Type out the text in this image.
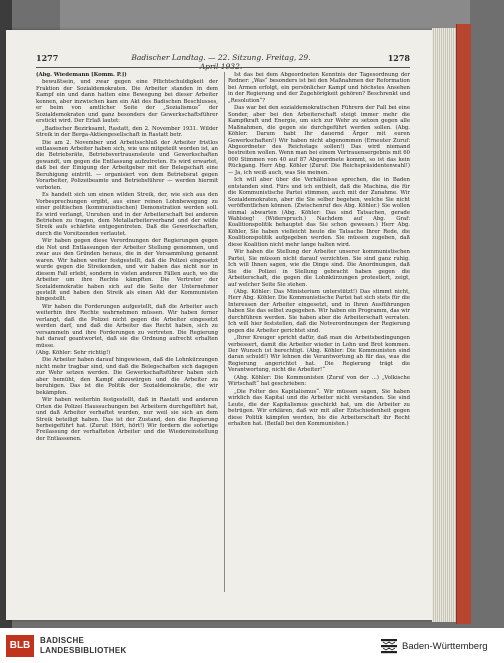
1277	Badischer Landtag. — 22. Sitzung. Freitag, 29.	1278

(Abg. Wiedemann [Komm. P.])

bewußtsein, und zwar gegen eine Pflichtschuldigkeit der Fraktion der Sozialdemokraten. Die Arbeiter standen in dem Kampf ein und dann hatten eine Bewegung bei dieser Arbeiter kennen, aber inzwischen kam ein Akt des Badischen Beschlusses, er beim von amtlicher Seite der „Sozialismus“ der Sozialdemokraten und ganz besonders der Gewerkschaftsführer erstickt wird. Der Erlaß lautet:

„Badischer Bezirksamt, Rastatt, den 2. November 1931. Wilder Streik in der Berga-Aktiengesellschaft in Rastatt betr.

Die am 2. November und Arbeitsschluß der Arbeiter fristlos entlassenen Arbeiter haben sich, wie uns mitgeteilt worden ist, an die Betriebsräte, Betriebsvertrauensleute und Gewerkschaften gewandt, um gegen die Entlassung aufzutreten. Es wird erwartet, daß bei der Einigung der Arbeitgeber mit der Belegschaft eine Beruhigung eintritt. — organisiert von dem Betriebsrat gegen Vorarbeiter, Polizeibeamte und Betriebsführer — werden hiermit verboten.

Es handelt sich um einen wilden Streik, der, wie sich aus den Vorbesprechungen ergibt, aus einer reinen Lohnbewegung zu einer politischen (kommunistischen) Demonstration werden soll. Es wird verlangt, Unruhen und in der Arbeiterschaft bei anderen Betrieben zu tragen, dem Metallarbeiterverband und der wilde Streik aufs schärfste entgegentreten. Daß die Gewerkschaften, durch die Vorsitzenden verlautet.

Wir haben gegen diese Verordnungen der Regierungen gegen die Not und Entlassungen der Arbeiter Stellung genommen, und zwar aus den Gründen heraus, die in der Versammlung genannt waren. Wir haben weiter festgestellt, daß die Polizei eingesetzt wurde gegen die Streikenden, und wir haben das nicht nur in diesem Fall erlebt, sondern in vielen anderen Fällen auch, wo die Arbeiter um ihre Rechte kämpften. Die Vertreter der Sozialdemokratie haben sich auf die Seite der Unternehmer gestellt und haben den Streik als einen Akt der Kommunisten hingestellt.

Wir haben die Forderungen aufgestellt, daß die Arbeiter auch weiterhin ihre Rechte wahrnehmen müssen. Wir haben ferner verlangt, daß die Polizei nicht gegen die Arbeiter eingesetzt werden darf, und daß die Arbeiter das Recht haben, sich zu versammeln und ihre Forderungen zu vertreten. Die Regierung hat darauf geantwortet, daß sie die Ordnung aufrecht erhalten müsse.

(Abg. Köhler: Sehr richtig!)

Die Arbeiter haben darauf hingewiesen, daß die Lohnkürzungen nicht mehr tragbar sind, und daß die Belegschaften sich dagegen zur Wehr setzen werden. Die Gewerkschaftsführer haben sich aber bemüht, den Kampf abzuwürgen und die Arbeiter zu beruhigen. Das ist die Politik der Sozialdemokratie, die wir bekämpfen.

Wir haben weiterhin festgestellt, daß in Rastatt und anderen Orten die Polizei Haussuchungen bei Arbeitern durchgeführt hat, und daß Arbeiter verhaftet wurden, nur weil sie sich an dem Streik beteiligt haben. Das ist der Zustand, den die Regierung herbeigeführt hat. (Zuruf: Hört, hört!) Wir fordern die sofortige Freilassung der verhafteten Arbeiter und die Wiedereinstellung der Entlassenen.

Ist das bei dem Abgeordneten Kenntnis der Tagesordnung der Redner: „Was“ besonders ist bei den Maßnahmen der Reformation bei Armen erfolgt, ein persönlicher Kampf und höchstes Ansehen in der Regierung und der Zugehörigkeit gehören? Beschrenkt und „Resolution“?

Das war bei den sozialdemokratischen Führern der Fall bei eine Sonder, aber bei den Arbeiterschaft steigt immer mehr die Kampfkraft und Energie, um sich zur Wehr zu setzen gegen alle Maßnahmen, die gegen sie durchgeführt werden sollen. (Abg. Köhler: Darum habt Ihr dauernd Ärger mit euren Gewerkschaften!) Wir haben nicht abgenommen (Erneuter Zuruf: Abgeordneter des Reichstags sollen!) Das wird niemand bestreiten wollen. Wenn man bei einem Vertrauensergebnis mit 60 000 Stimmen von 40 auf 87 Abgeordnete kommt, so ist das kein Rückgang. Herr Abg. Köhler (Zuruf: Die Reichspräsidentenwahl!) — Ja, ich weiß auch, was Sie meinen.

Ich will aber über die Verhältnisse sprechen, die in Baden entstanden sind. Fürs und ich enthielt, daß die Machina, die für die Kommunistische Partei stimmen, auch mit der Zunahme. Wir Sozialdemokraten, aber die Sie selber begehen, welche Sie nicht veröffentlichen können. (Zwischenruf des Abg. Köhler.) Sie wollen einmal abwarten (Abg. Köhler: Das sind Tatsachen, gerade Wahlsieg! (Widerspruch.) Nachdem auf Abg. Graf: Koalitionspolitik behauptet das Sie schon gewesen.) Herr Abg. Köhler, Sie haben vielleicht heute die Tatsache Ihrer Rede, die Koalitionspolitik aufgegeben werden. Sie müssen zugeben, daß diese Koalition nicht mehr lange halten wird.

Wir haben die Stellung der Arbeiter unserer kommunistischen Partei, Sie müssen nicht darauf verzichten. Sie sind ganz ruhig. Ich will Ihnen sagen, wie die Dinge sind. Die Anordnungen, daß Sie die Polizei in Stellung gebracht haben gegen die Arbeiterschaft, die gegen die Lohnkürzungen protestiert, zeigt, auf welcher Seite Sie stehen.

(Abg. Köhler: Das Ministerium unterstützt!) Das stimmt nicht, Herr Abg. Köhler. Die Kommunistische Partei hat sich stets für die Interessen der Arbeiter eingesetzt, und in Ihren Ausführungen haben Sie das selbst zugegeben. Wir haben ein Programm, das wir durchführen werden. Sie haben aber die Arbeiterschaft verraten. Ich will hier feststellen, daß die Notverordnungen der Regierung gegen die Arbeiter gerichtet sind.

„Ihrer Kreuger spricht dafür, daß man die Arbeitsbedingungen verbessert, damit die Arbeiter wieder in Lohn und Brot kommen. Der Wunsch ist berechtigt. (Abg. Köhler: Die Kommunisten sind daran schuld!) Wir lehnen die Verantwortung ab für das, was die Regierung angerichtet hat. Die Regierung trägt die Verantwortung, nicht die Arbeiter!“

(Abg. Köhler: Die Kommunisten (Zuruf von der ...) „Volkische Wirtschaft“ hat geschrieben:

„Die Folter des Kapitalismus“. Wir müssen sagen, Sie haben wirklich das Kapital und die Arbeiter nicht verstanden. Sie sind Leute, die der Kapitalismus geschickt hat, um die Arbeiter zu betrügen. Wir erklären, daß wir mit aller Entschiedenheit gegen diese Politik kämpfen werden, bis die Arbeiterschaft ihr Recht erhalten hat. (Beifall bei den Kommunisten.)

BLB	BADISCHE
LANDESBIBLIOTHEK	Baden-Württemberg
